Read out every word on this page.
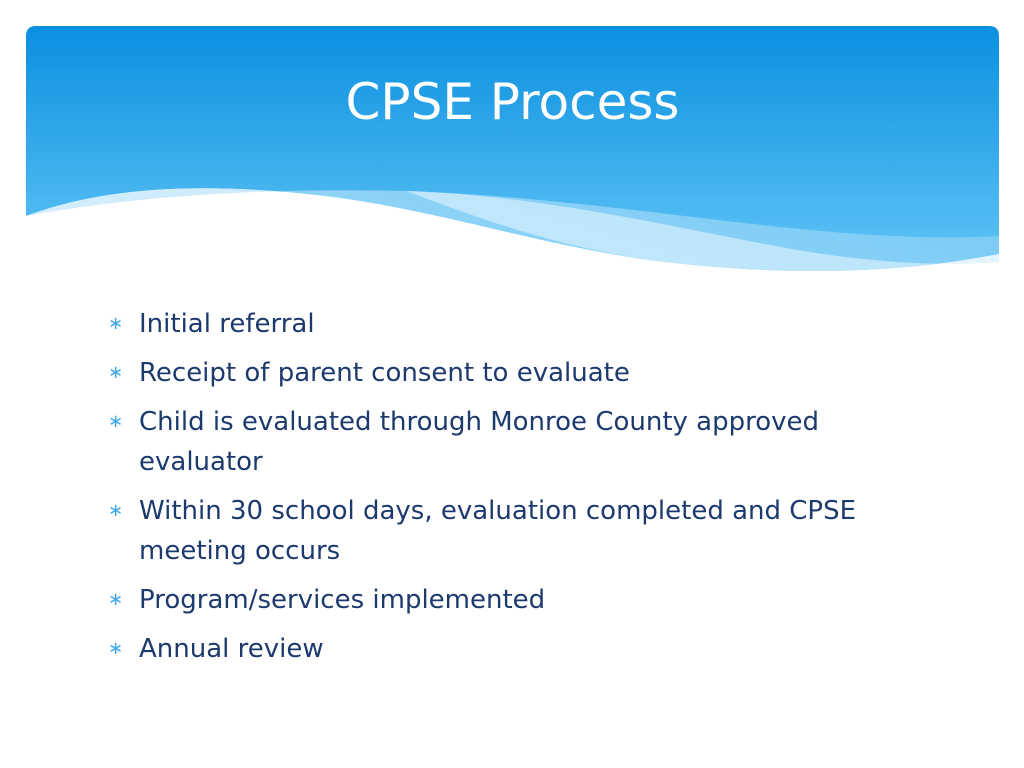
CPSE Process
∗ Initial referral
∗ Receipt of parent consent to evaluate
∗ Child is evaluated through Monroe County approved evaluator
∗ Within 30 school days, evaluation completed and CPSE meeting occurs
∗ Program/services implemented
∗ Annual review
